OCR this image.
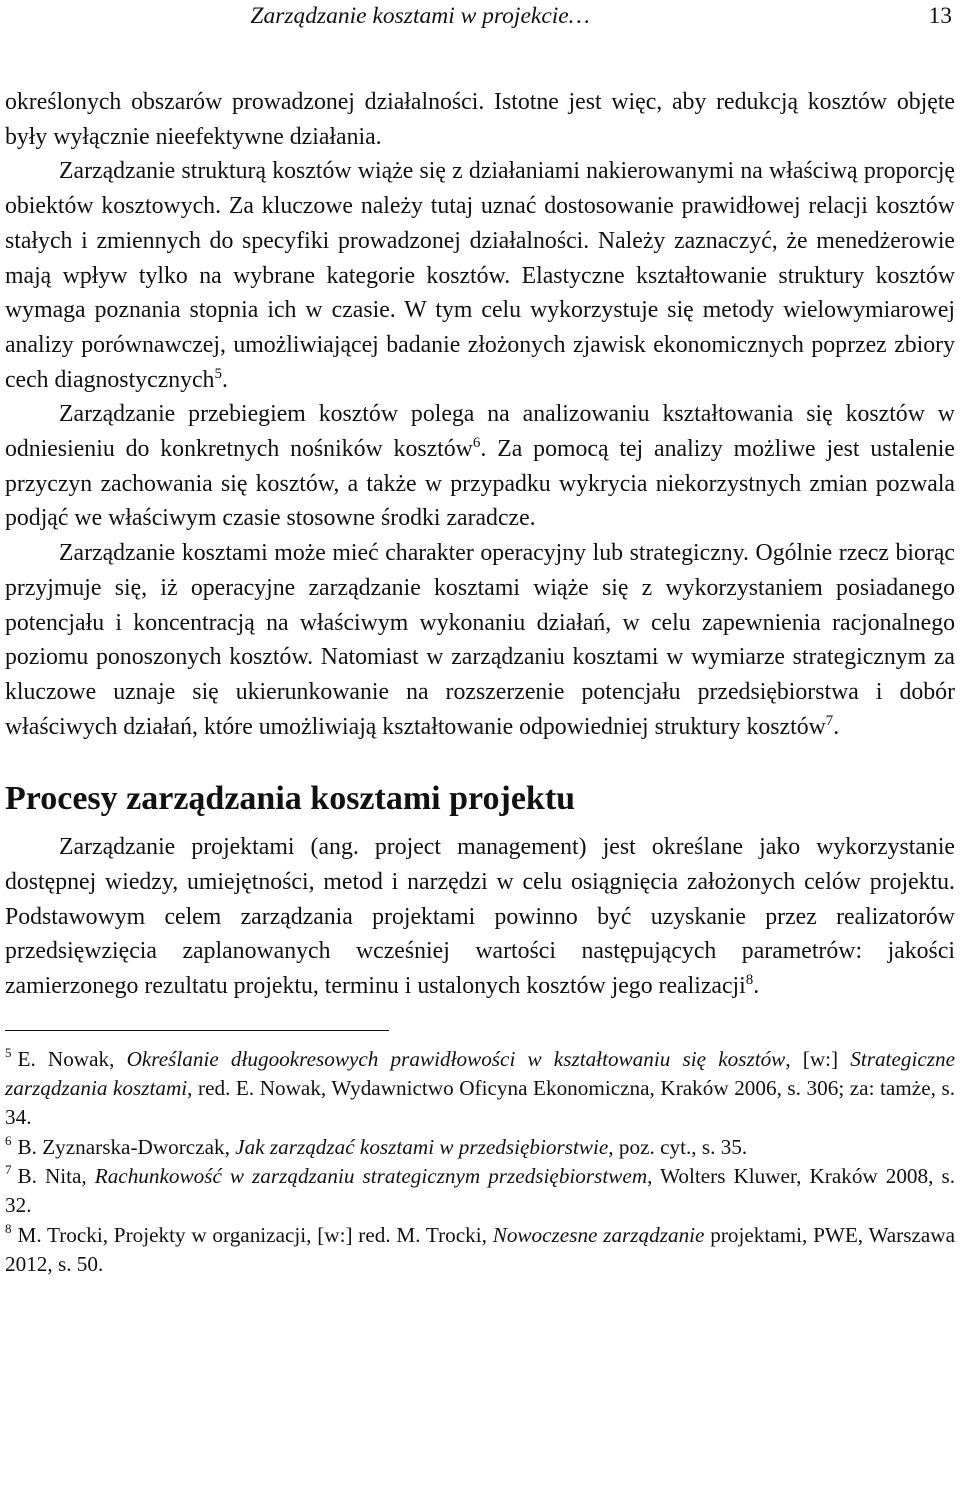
Zarządzanie kosztami w projekcie…	13

określonych obszarów prowadzonej działalności. Istotne jest więc, aby redukcją kosztów objęte były wyłącznie nieefektywne działania.

Zarządzanie strukturą kosztów wiąże się z działaniami nakierowanymi na właściwą proporcję obiektów kosztowych. Za kluczowe należy tutaj uznać dostosowanie prawidłowej relacji kosztów stałych i zmiennych do specyfiki prowadzonej działalności. Należy zaznaczyć, że menedżerowie mają wpływ tylko na wybrane kategorie kosztów. Elastyczne kształtowanie struktury kosztów wymaga poznania stopnia ich w czasie. W tym celu wykorzystuje się metody wielowymiarowej analizy porównawczej, umożliwiającej badanie złożonych zjawisk ekonomicznych poprzez zbiory cech diagnostycznych$^5$.

Zarządzanie przebiegiem kosztów polega na analizowaniu kształtowania się kosztów w odniesieniu do konkretnych nośników kosztów$^6$. Za pomocą tej analizy możliwe jest ustalenie przyczyn zachowania się kosztów, a także w przypadku wykrycia niekorzystnych zmian pozwala podjąć we właściwym czasie stosowne środki zaradcze.

Zarządzanie kosztami może mieć charakter operacyjny lub strategiczny. Ogólnie rzecz biorąc przyjmuje się, iż operacyjne zarządzanie kosztami wiąże się z wykorzystaniem posiadanego potencjału i koncentracją na właściwym wykonaniu działań, w celu zapewnienia racjonalnego poziomu ponoszonych kosztów. Natomiast w zarządzaniu kosztami w wymiarze strategicznym za kluczowe uznaje się ukierunkowanie na rozszerzenie potencjału przedsiębiorstwa i dobór właściwych działań, które umożliwiają kształtowanie odpowiedniej struktury kosztów$^7$.

Procesy zarządzania kosztami projektu

Zarządzanie projektami (ang. project management) jest określane jako wykorzystanie dostępnej wiedzy, umiejętności, metod i narzędzi w celu osiągnięcia założonych celów projektu. Podstawowym celem zarządzania projektami powinno być uzyskanie przez realizatorów przedsięwzięcia zaplanowanych wcześniej wartości następujących parametrów: jakości zamierzonego rezultatu projektu, terminu i ustalonych kosztów jego realizacji$^8$.

$^5$ E. Nowak, Określanie długookresowych prawidłowości w kształtowaniu się kosztów, [w:] Strategiczne zarządzania kosztami, red. E. Nowak, Wydawnictwo Oficyna Ekonomiczna, Kraków 2006, s. 306; za: tamże, s. 34.

$^6$ B. Zyznarska-Dworczak, Jak zarządzać kosztami w przedsiębiorstwie, poz. cyt., s. 35.

$^7$ B. Nita, Rachunkowość w zarządzaniu strategicznym przedsiębiorstwem, Wolters Kluwer, Kraków 2008, s. 32.

$^8$ M. Trocki, Projekty w organizacji, [w:] red. M. Trocki, Nowoczesne zarządzanie projektami, PWE, Warszawa 2012, s. 50.
